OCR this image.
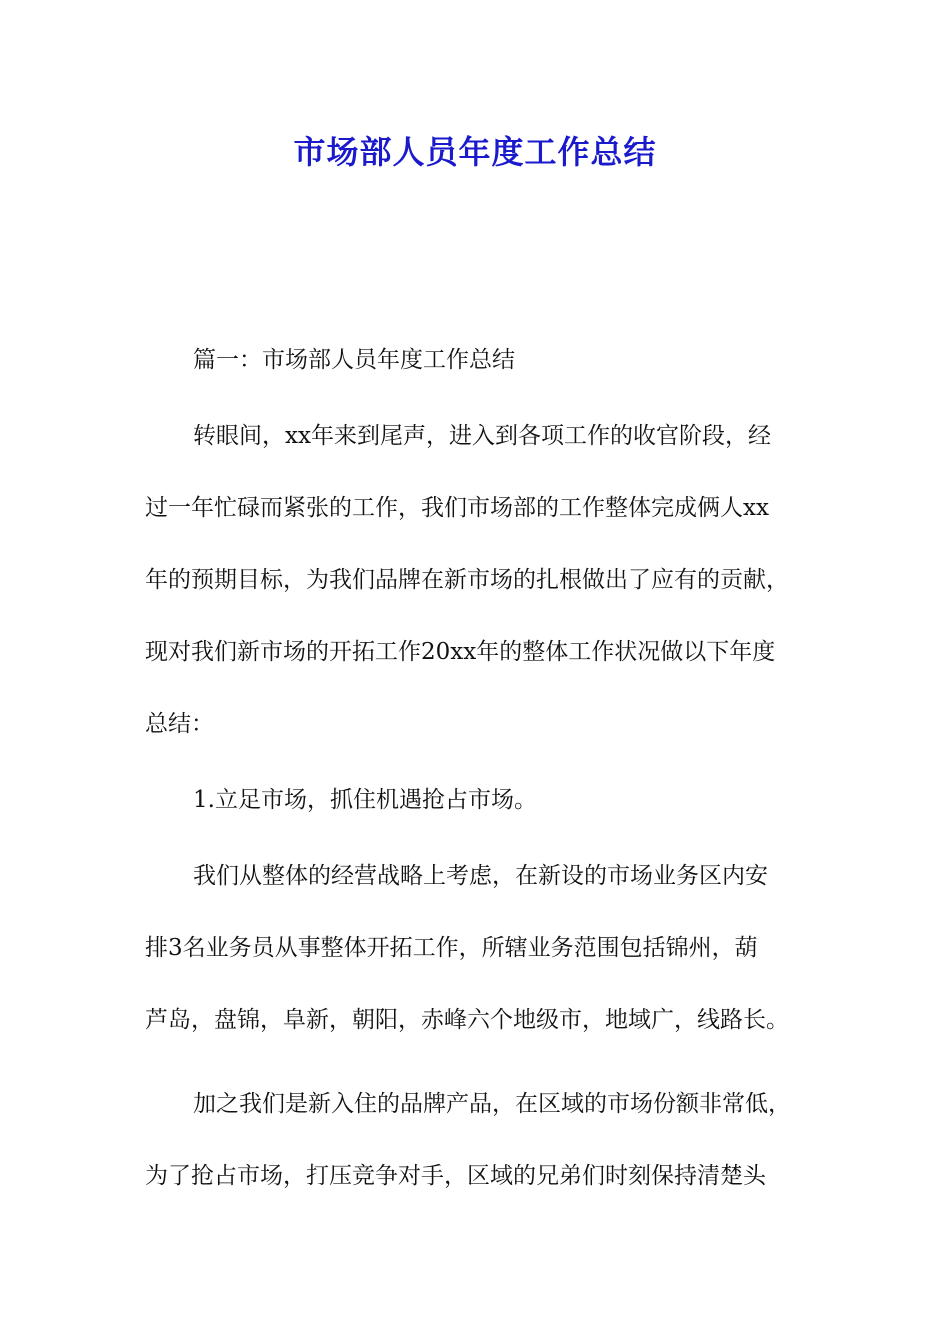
市场部人员年度工作总结
篇一：市场部人员年度工作总结
转眼间，xx年来到尾声，进入到各项工作的收官阶段，经
过一年忙碌而紧张的工作，我们市场部的工作整体完成俩人xx
年的预期目标，为我们品牌在新市场的扎根做出了应有的贡献，
现对我们新市场的开拓工作20xx年的整体工作状况做以下年度
总结：
1.立足市场，抓住机遇抢占市场。
我们从整体的经营战略上考虑，在新设的市场业务区内安
排3名业务员从事整体开拓工作，所辖业务范围包括锦州，葫
芦岛，盘锦，阜新，朝阳，赤峰六个地级市，地域广，线路长。
加之我们是新入住的品牌产品，在区域的市场份额非常低，
为了抢占市场，打压竞争对手，区域的兄弟们时刻保持清楚头
